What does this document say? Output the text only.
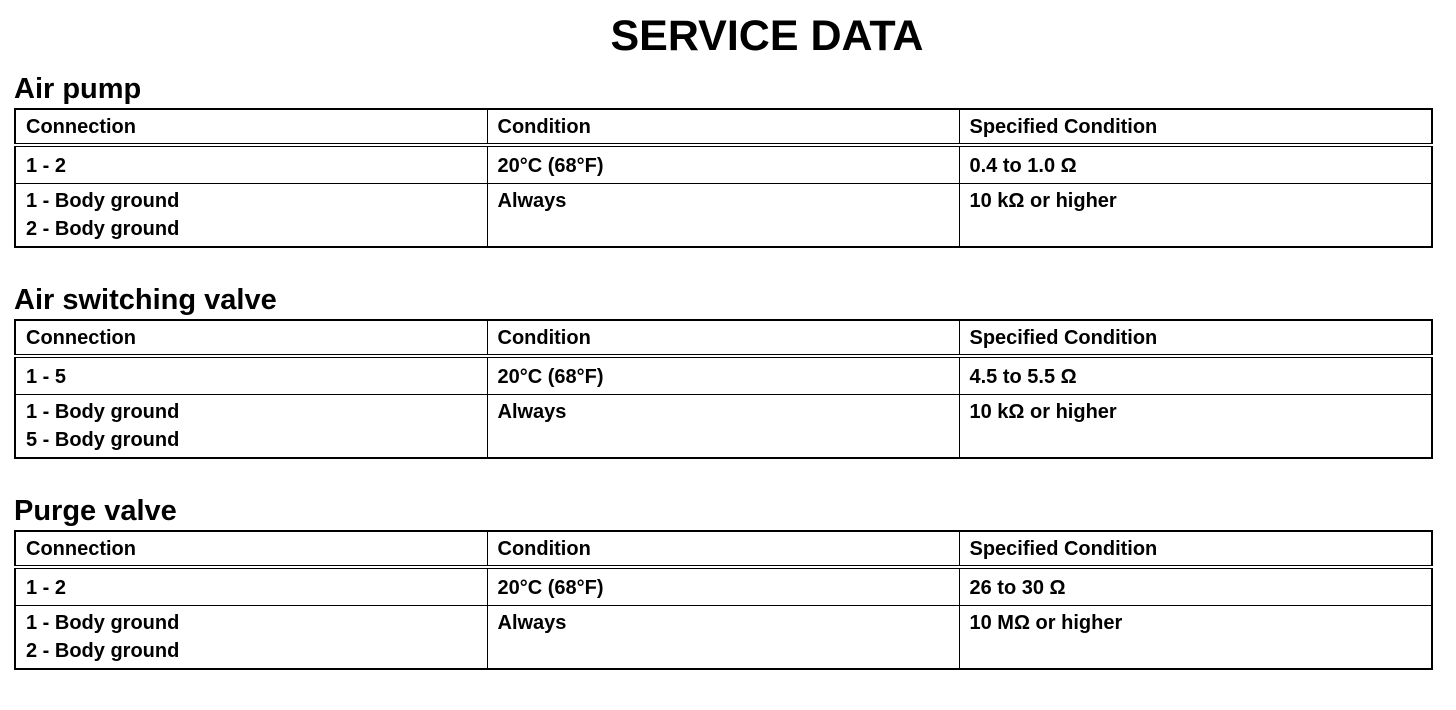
SERVICE DATA
Air pump
Connection	Condition	Specified Condition

1 - 2	20°C (68°F)	0.4 to 1.0 Ω

1 - Body ground
2 - Body ground	Always	10 kΩ or higher
Air switching valve
Connection	Condition	Specified Condition

1 - 5	20°C (68°F)	4.5 to 5.5 Ω

1 - Body ground
5 - Body ground	Always	10 kΩ or higher
Purge valve
Connection	Condition	Specified Condition

1 - 2	20°C (68°F)	26 to 30 Ω

1 - Body ground
2 - Body ground	Always	10 MΩ or higher
